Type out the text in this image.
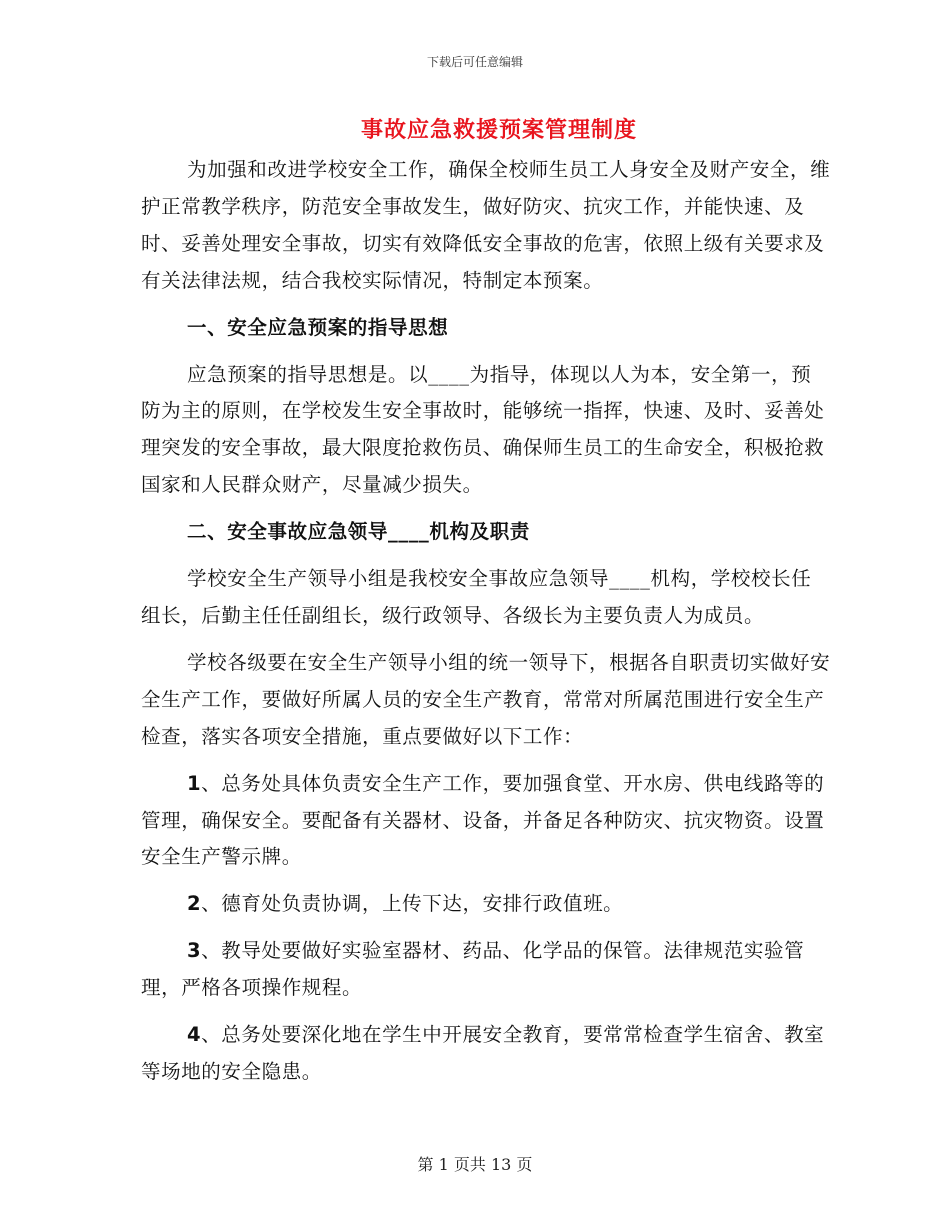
下载后可任意编辑
事故应急救援预案管理制度

为加强和改进学校安全工作，确保全校师生员工人身安全及财产安全，维护正常教学秩序，防范安全事故发生，做好防灾、抗灾工作，并能快速、及时、妥善处理安全事故，切实有效降低安全事故的危害，依照上级有关要求及有关法律法规，结合我校实际情况，特制定本预案。

一、安全应急预案的指导思想

应急预案的指导思想是。以____为指导，体现以人为本，安全第一，预防为主的原则，在学校发生安全事故时，能够统一指挥，快速、及时、妥善处理突发的安全事故，最大限度抢救伤员、确保师生员工的生命安全，积极抢救国家和人民群众财产，尽量减少损失。

二、安全事故应急领导____机构及职责

学校安全生产领导小组是我校安全事故应急领导____机构，学校校长任组长，后勤主任任副组长，级行政领导、各级长为主要负责人为成员。

学校各级要在安全生产领导小组的统一领导下，根据各自职责切实做好安全生产工作，要做好所属人员的安全生产教育，常常对所属范围进行安全生产检查，落实各项安全措施，重点要做好以下工作：

1、总务处具体负责安全生产工作，要加强食堂、开水房、供电线路等的管理，确保安全。要配备有关器材、设备，并备足各种防灾、抗灾物资。设置安全生产警示牌。

2、德育处负责协调，上传下达，安排行政值班。

3、教导处要做好实验室器材、药品、化学品的保管。法律规范实验管理，严格各项操作规程。

4、总务处要深化地在学生中开展安全教育，要常常检查学生宿舍、教室等场地的安全隐患。

第 1 页共 13 页
